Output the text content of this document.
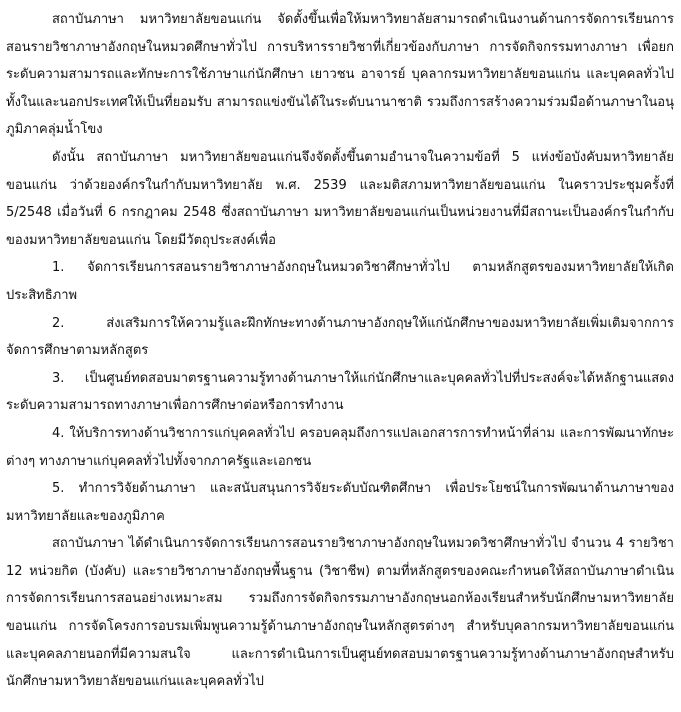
สถาบันภาษา มหาวิทยาลัยขอนแก่น จัดตั้งขึ้นเพื่อให้มหาวิทยาลัยสามารถดำเนินงานด้านการจัดการเรียนการสอนรายวิชาภาษาอังกฤษในหมวดศึกษาทั่วไป การบริหารรายวิชาที่เกี่ยวข้องกับภาษา การจัดกิจกรรมทางภาษา เพื่อยกระดับความสามารถและทักษะการใช้ภาษาแก่นักศึกษา เยาวชน อาจารย์ บุคลากรมหาวิทยาลัยขอนแก่น และบุคคลทั่วไปทั้งในและนอกประเทศให้เป็นที่ยอมรับ สามารถแข่งขันได้ในระดับนานาชาติ รวมถึงการสร้างความร่วมมือด้านภาษาในอนุภูมิภาคลุ่มน้ำโขง

ดังนั้น สถาบันภาษา มหาวิทยาลัยขอนแก่นจึงจัดตั้งขึ้นตามอำนาจในความข้อที่ 5 แห่งข้อบังคับมหาวิทยาลัยขอนแก่น ว่าด้วยองค์กรในกำกับมหาวิทยาลัย พ.ศ. 2539 และมติสภามหาวิทยาลัยขอนแก่น ในคราวประชุมครั้งที่ 5/2548 เมื่อวันที่ 6 กรกฎาคม 2548 ซึ่งสถาบันภาษา มหาวิทยาลัยขอนแก่นเป็นหน่วยงานที่มีสถานะเป็นองค์กรในกำกับของมหาวิทยาลัยขอนแก่น โดยมีวัตถุประสงค์เพื่อ

1. จัดการเรียนการสอนรายวิชาภาษาอังกฤษในหมวดวิชาศึกษาทั่วไป ตามหลักสูตรของมหาวิทยาลัยให้เกิดประสิทธิภาพ

2. ส่งเสริมการให้ความรู้และฝึกทักษะทางด้านภาษาอังกฤษให้แก่นักศึกษาของมหาวิทยาลัยเพิ่มเติมจากการจัดการศึกษาตามหลักสูตร

3. เป็นศูนย์ทดสอบมาตรฐานความรู้ทางด้านภาษาให้แก่นักศึกษาและบุคคลทั่วไปที่ประสงค์จะได้หลักฐานแสดงระดับความสามารถทางภาษาเพื่อการศึกษาต่อหรือการทำงาน

4. ให้บริการทางด้านวิชาการแก่บุคคลทั่วไป ครอบคลุมถึงการแปลเอกสารการทำหน้าที่ล่าม และการพัฒนาทักษะต่างๆ ทางภาษาแก่บุคคลทั่วไปทั้งจากภาครัฐและเอกชน

5. ทำการวิจัยด้านภาษา และสนับสนุนการวิจัยระดับบัณฑิตศึกษา เพื่อประโยชน์ในการพัฒนาด้านภาษาของมหาวิทยาลัยและของภูมิภาค

สถาบันภาษา ได้ดำเนินการจัดการเรียนการสอนรายวิชาภาษาอังกฤษในหมวดวิชาศึกษาทั่วไป จำนวน 4 รายวิชา 12 หน่วยกิต (บังคับ) และรายวิชาภาษาอังกฤษพื้นฐาน (วิชาชีพ) ตามที่หลักสูตรของคณะกำหนดให้สถาบันภาษาดำเนินการจัดการเรียนการสอนอย่างเหมาะสม รวมถึงการจัดกิจกรรมภาษาอังกฤษนอกห้องเรียนสำหรับนักศึกษามหาวิทยาลัยขอนแก่น การจัดโครงการอบรมเพิ่มพูนความรู้ด้านภาษาอังกฤษในหลักสูตรต่างๆ สำหรับบุคลากรมหาวิทยาลัยขอนแก่น และบุคคลภายนอกที่มีความสนใจ และการดำเนินการเป็นศูนย์ทดสอบมาตรฐานความรู้ทางด้านภาษาอังกฤษสำหรับนักศึกษามหาวิทยาลัยขอนแก่นและบุคคลทั่วไป
